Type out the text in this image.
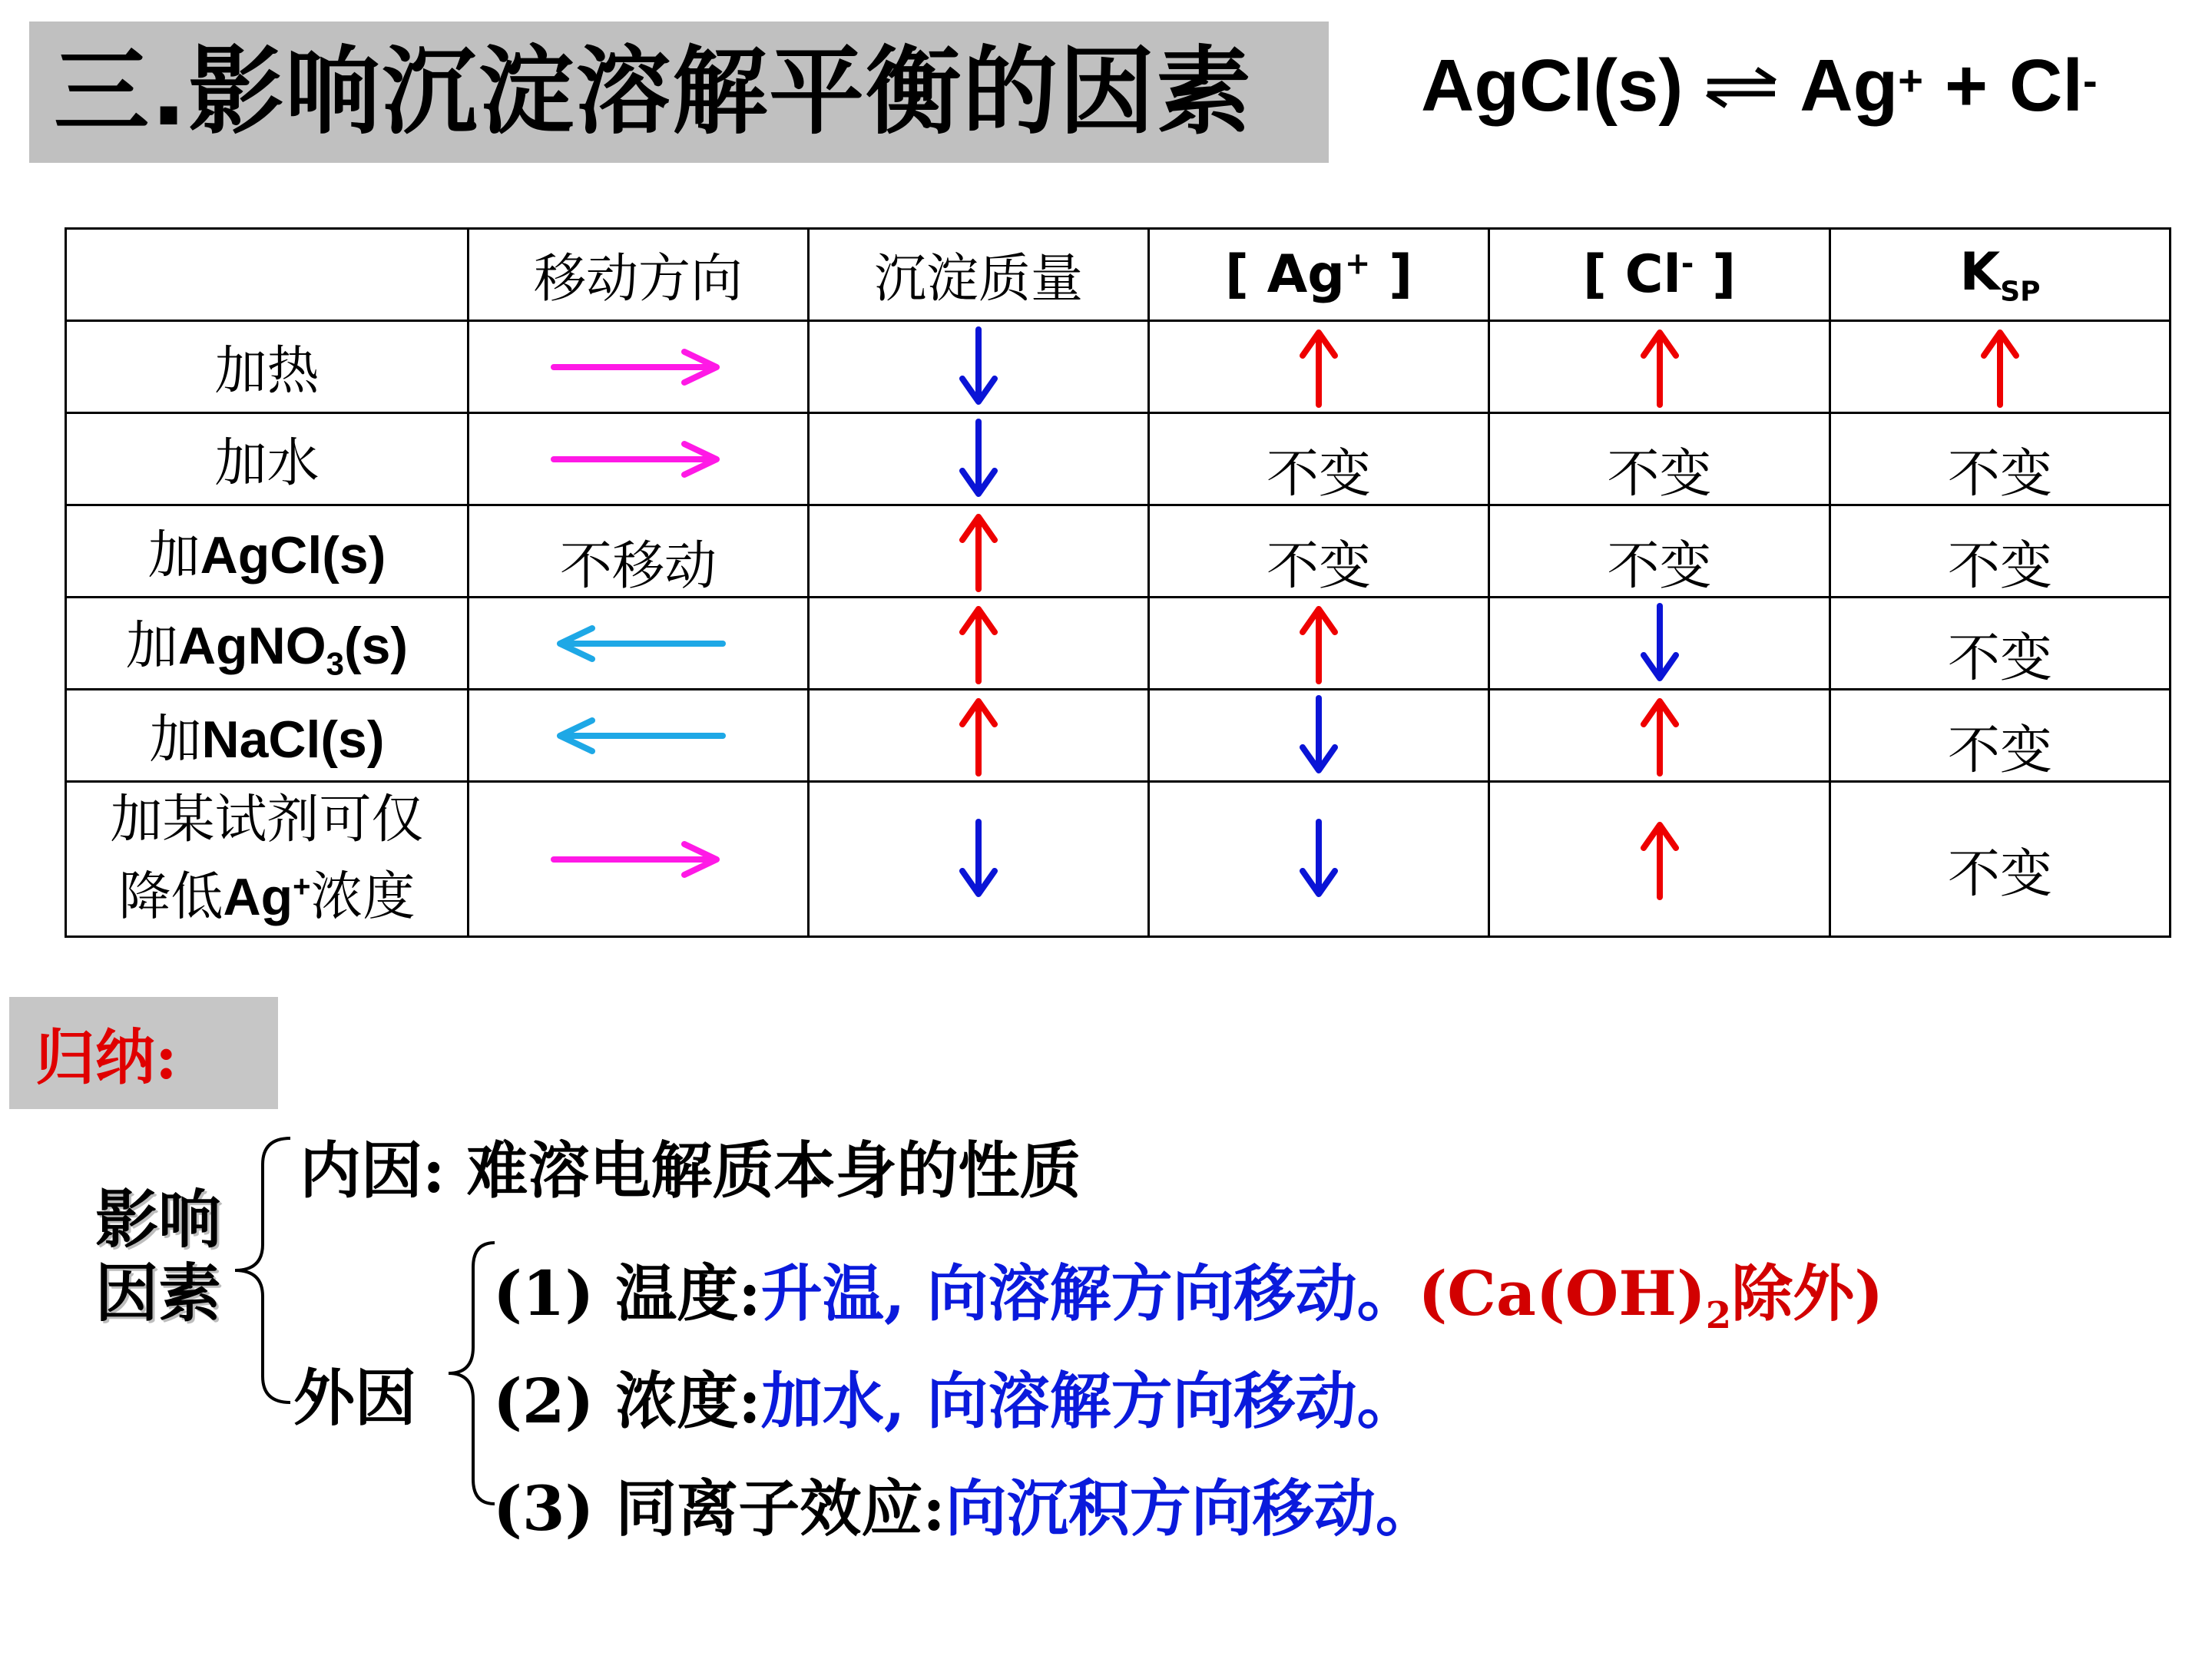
三.影响沉淀溶解平衡的因素 AgCl(s) ⇌ Ag+ + Cl-
	移动方向	沉淀质量	[ Ag+ ]	[ Cl- ]	$K_{SP}$
加热	

加水			不变	不变	不变
加AgCl(s)	不移动		不变	不变	不变
加AgNO$_3$(s)					不变
加NaCl(s)					不变

加某试剂可仅
降低Ag+浓度					不变
归纳:
影响
因素
内因: 难溶电解质本身的性质
外因
(1) 温度:升温, 向溶解方向移动。($Ca(OH)_2$除外)
(2) 浓度:加水, 向溶解方向移动。
(3) 同离子效应:向沉积方向移动。
